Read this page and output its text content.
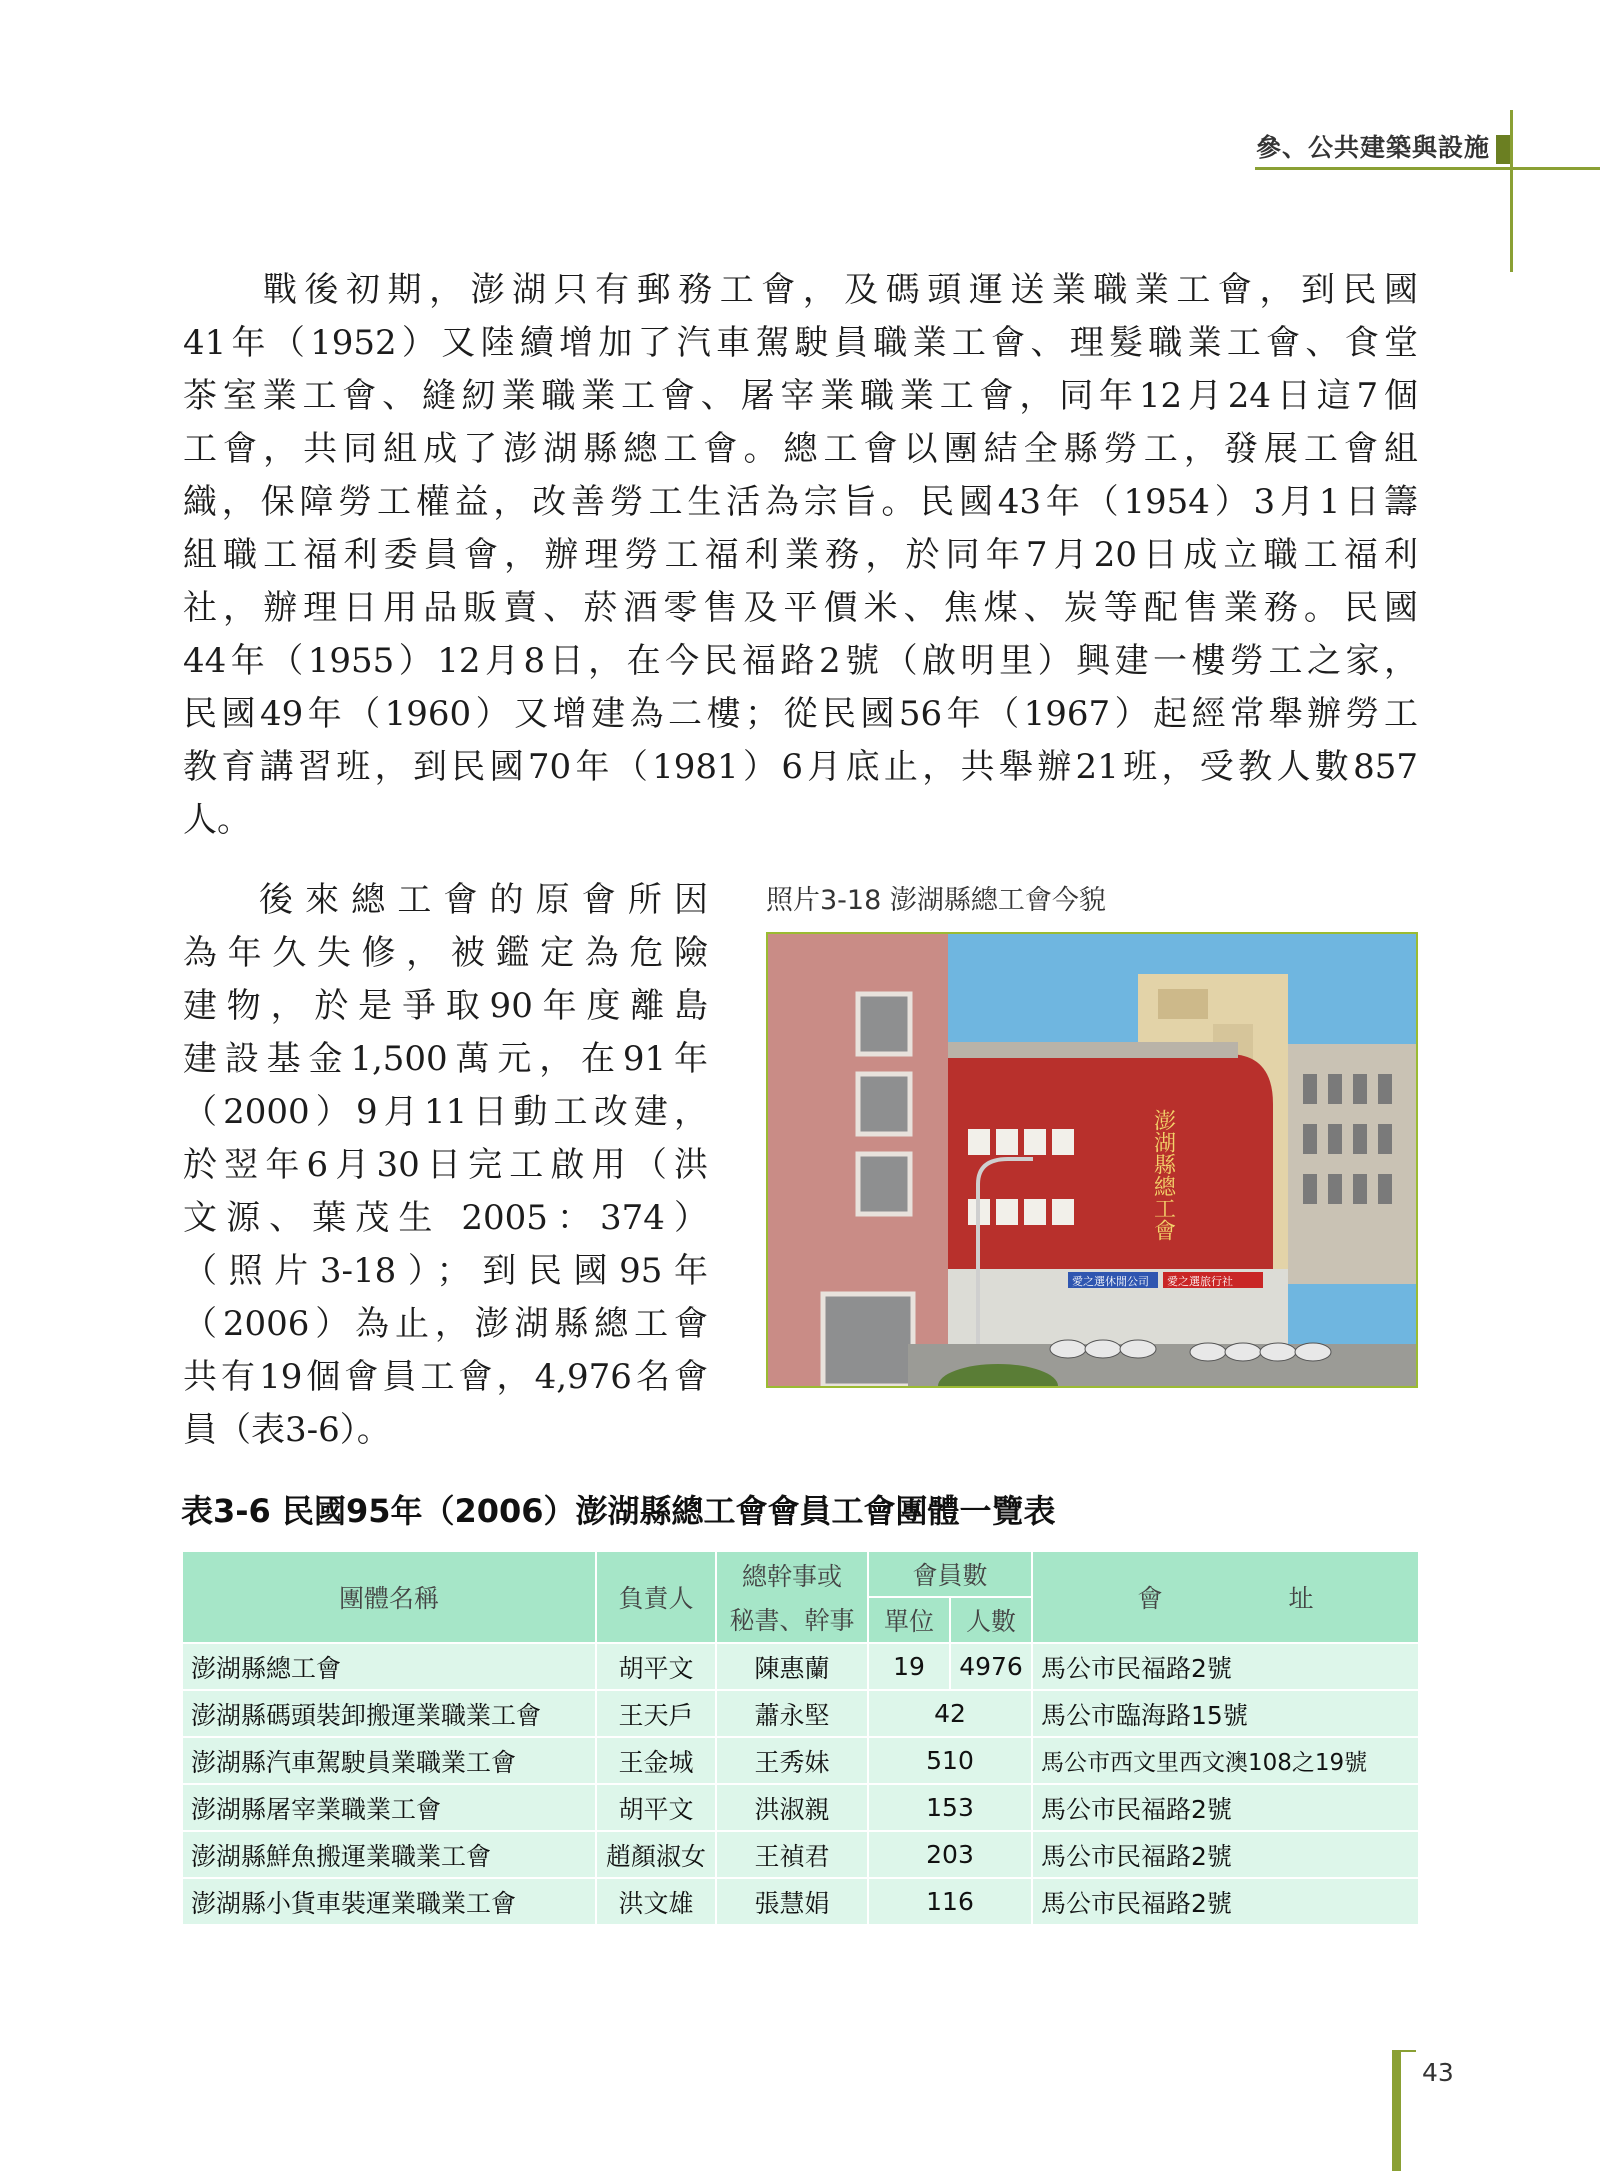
參、公共建築與設施
戰後初期，澎湖只有郵務工會，及碼頭運送業職業工會，到民國
41年（1952）又陸續增加了汽車駕駛員職業工會、理髮職業工會、食堂
茶室業工會、縫紉業職業工會、屠宰業職業工會，同年12月24日這7個
工會，共同組成了澎湖縣總工會。總工會以團結全縣勞工，發展工會組
織，保障勞工權益，改善勞工生活為宗旨。民國43年（1954）3月1日籌
組職工福利委員會，辦理勞工福利業務，於同年7月20日成立職工福利
社，辦理日用品販賣、菸酒零售及平價米、焦煤、炭等配售業務。民國
44年（1955）12月8日，在今民福路2號（啟明里）興建一樓勞工之家，
民國49年（1960）又增建為二樓；從民國56年（1967）起經常舉辦勞工
教育講習班，到民國70年（1981）6月底止，共舉辦21班，受教人數857
人。
後來總工會的原會所因
為年久失修，被鑑定為危險
建物，於是爭取90年度離島
建設基金1,500萬元，在91年
（2000）9月11日動工改建，
於翌年6月30日完工啟用（洪
文源、葉茂生 2005：374）
（照片3-18）；到民國95年
（2006）為止，澎湖縣總工會
共有19個會員工會，4,976名會
員（表3-6）。
照片3-18 澎湖縣總工會今貌
澎湖縣總工會
愛之選休閒公司 愛之選旅行社
表3-6 民國95年（2006）澎湖縣總工會會員工會團體一覽表
團體名稱	負責人	總幹事或
秘書、幹事	會員數		會 址
			單位	人數	
澎湖縣總工會	胡平文	陳惠蘭	19	4976	馬公市民福路2號
澎湖縣碼頭裝卸搬運業職業工會	王天戶	蕭永堅	42		馬公市臨海路15號
澎湖縣汽車駕駛員業職業工會	王金城	王秀妹	510		馬公市西文里西文澳108之19號
澎湖縣屠宰業職業工會	胡平文	洪淑親	153		馬公市民福路2號
澎湖縣鮮魚搬運業職業工會	趙顏淑女	王禎君	203		馬公市民福路2號
澎湖縣小貨車裝運業職業工會	洪文雄	張慧娟	116		馬公市民福路2號
43
